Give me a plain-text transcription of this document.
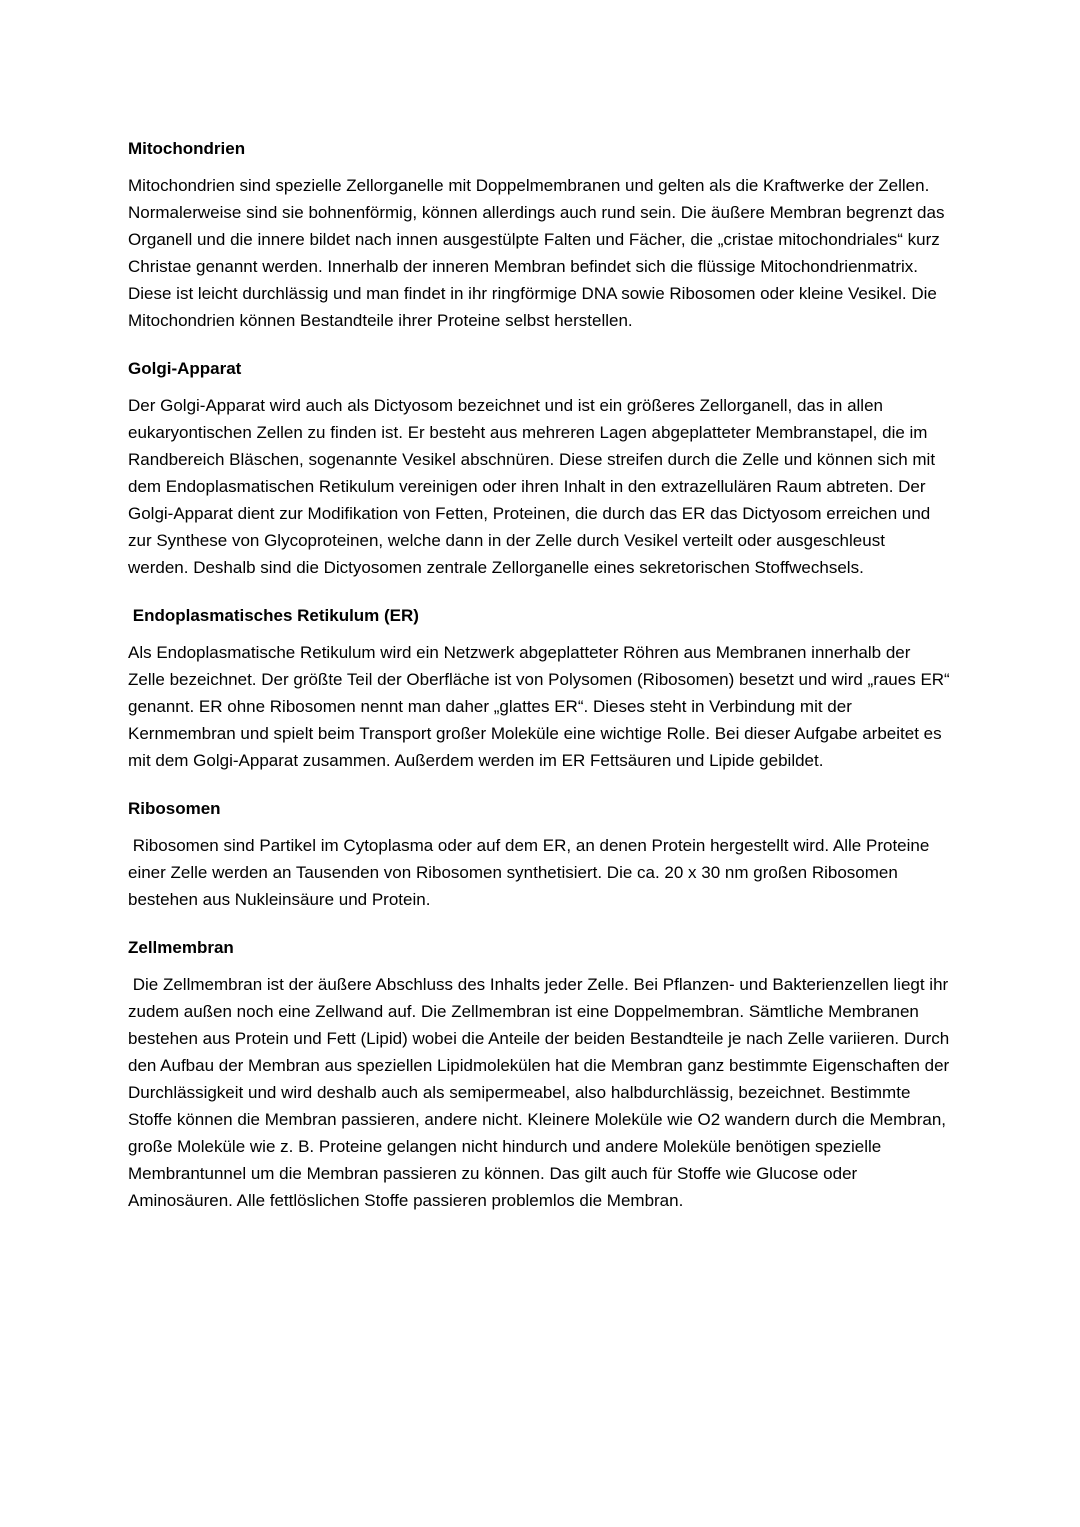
Mitochondrien

Mitochondrien sind spezielle Zellorganelle mit Doppelmembranen und gelten als die Kraftwerke der Zellen. Normalerweise sind sie bohnenförmig, können allerdings auch rund sein. Die äußere Membran begrenzt das Organell und die innere bildet nach innen ausgestülpte Falten und Fächer, die „cristae mitochondriales“ kurz Christae genannt werden. Innerhalb der inneren Membran befindet sich die flüssige Mitochondrienmatrix. Diese ist leicht durchlässig und man findet in ihr ringförmige DNA sowie Ribosomen oder kleine Vesikel. Die Mitochondrien können Bestandteile ihrer Proteine selbst herstellen.

Golgi-Apparat

Der Golgi-Apparat wird auch als Dictyosom bezeichnet und ist ein größeres Zellorganell, das in allen eukaryontischen Zellen zu finden ist. Er besteht aus mehreren Lagen abgeplatteter Membranstapel, die im Randbereich Bläschen, sogenannte Vesikel abschnüren. Diese streifen durch die Zelle und können sich mit dem Endoplasmatischen Retikulum vereinigen oder ihren Inhalt in den extrazellulären Raum abtreten. Der Golgi-Apparat dient zur Modifikation von Fetten, Proteinen, die durch das ER das Dictyosom erreichen und zur Synthese von Glycoproteinen, welche dann in der Zelle durch Vesikel verteilt oder ausgeschleust werden. Deshalb sind die Dictyosomen zentrale Zellorganelle eines sekretorischen Stoffwechsels.

Endoplasmatisches Retikulum (ER)

Als Endoplasmatische Retikulum wird ein Netzwerk abgeplatteter Röhren aus Membranen innerhalb der Zelle bezeichnet. Der größte Teil der Oberfläche ist von Polysomen (Ribosomen) besetzt und wird „raues ER“ genannt. ER ohne Ribosomen nennt man daher „glattes ER“. Dieses steht in Verbindung mit der Kernmembran und spielt beim Transport großer Moleküle eine wichtige Rolle. Bei dieser Aufgabe arbeitet es mit dem Golgi-Apparat zusammen. Außerdem werden im ER Fettsäuren und Lipide gebildet.

Ribosomen

Ribosomen sind Partikel im Cytoplasma oder auf dem ER, an denen Protein hergestellt wird. Alle Proteine einer Zelle werden an Tausenden von Ribosomen synthetisiert. Die ca. 20 x 30 nm großen Ribosomen bestehen aus Nukleinsäure und Protein.

Zellmembran

Die Zellmembran ist der äußere Abschluss des Inhalts jeder Zelle. Bei Pflanzen- und Bakterienzellen liegt ihr zudem außen noch eine Zellwand auf. Die Zellmembran ist eine Doppelmembran. Sämtliche Membranen bestehen aus Protein und Fett (Lipid) wobei die Anteile der beiden Bestandteile je nach Zelle variieren. Durch den Aufbau der Membran aus speziellen Lipidmolekülen hat die Membran ganz bestimmte Eigenschaften der Durchlässigkeit und wird deshalb auch als semipermeabel, also halbdurchlässig, bezeichnet. Bestimmte Stoffe können die Membran passieren, andere nicht. Kleinere Moleküle wie O2 wandern durch die Membran, große Moleküle wie z. B. Proteine gelangen nicht hindurch und andere Moleküle benötigen spezielle Membrantunnel um die Membran passieren zu können. Das gilt auch für Stoffe wie Glucose oder Aminosäuren. Alle fettlöslichen Stoffe passieren problemlos die Membran.
